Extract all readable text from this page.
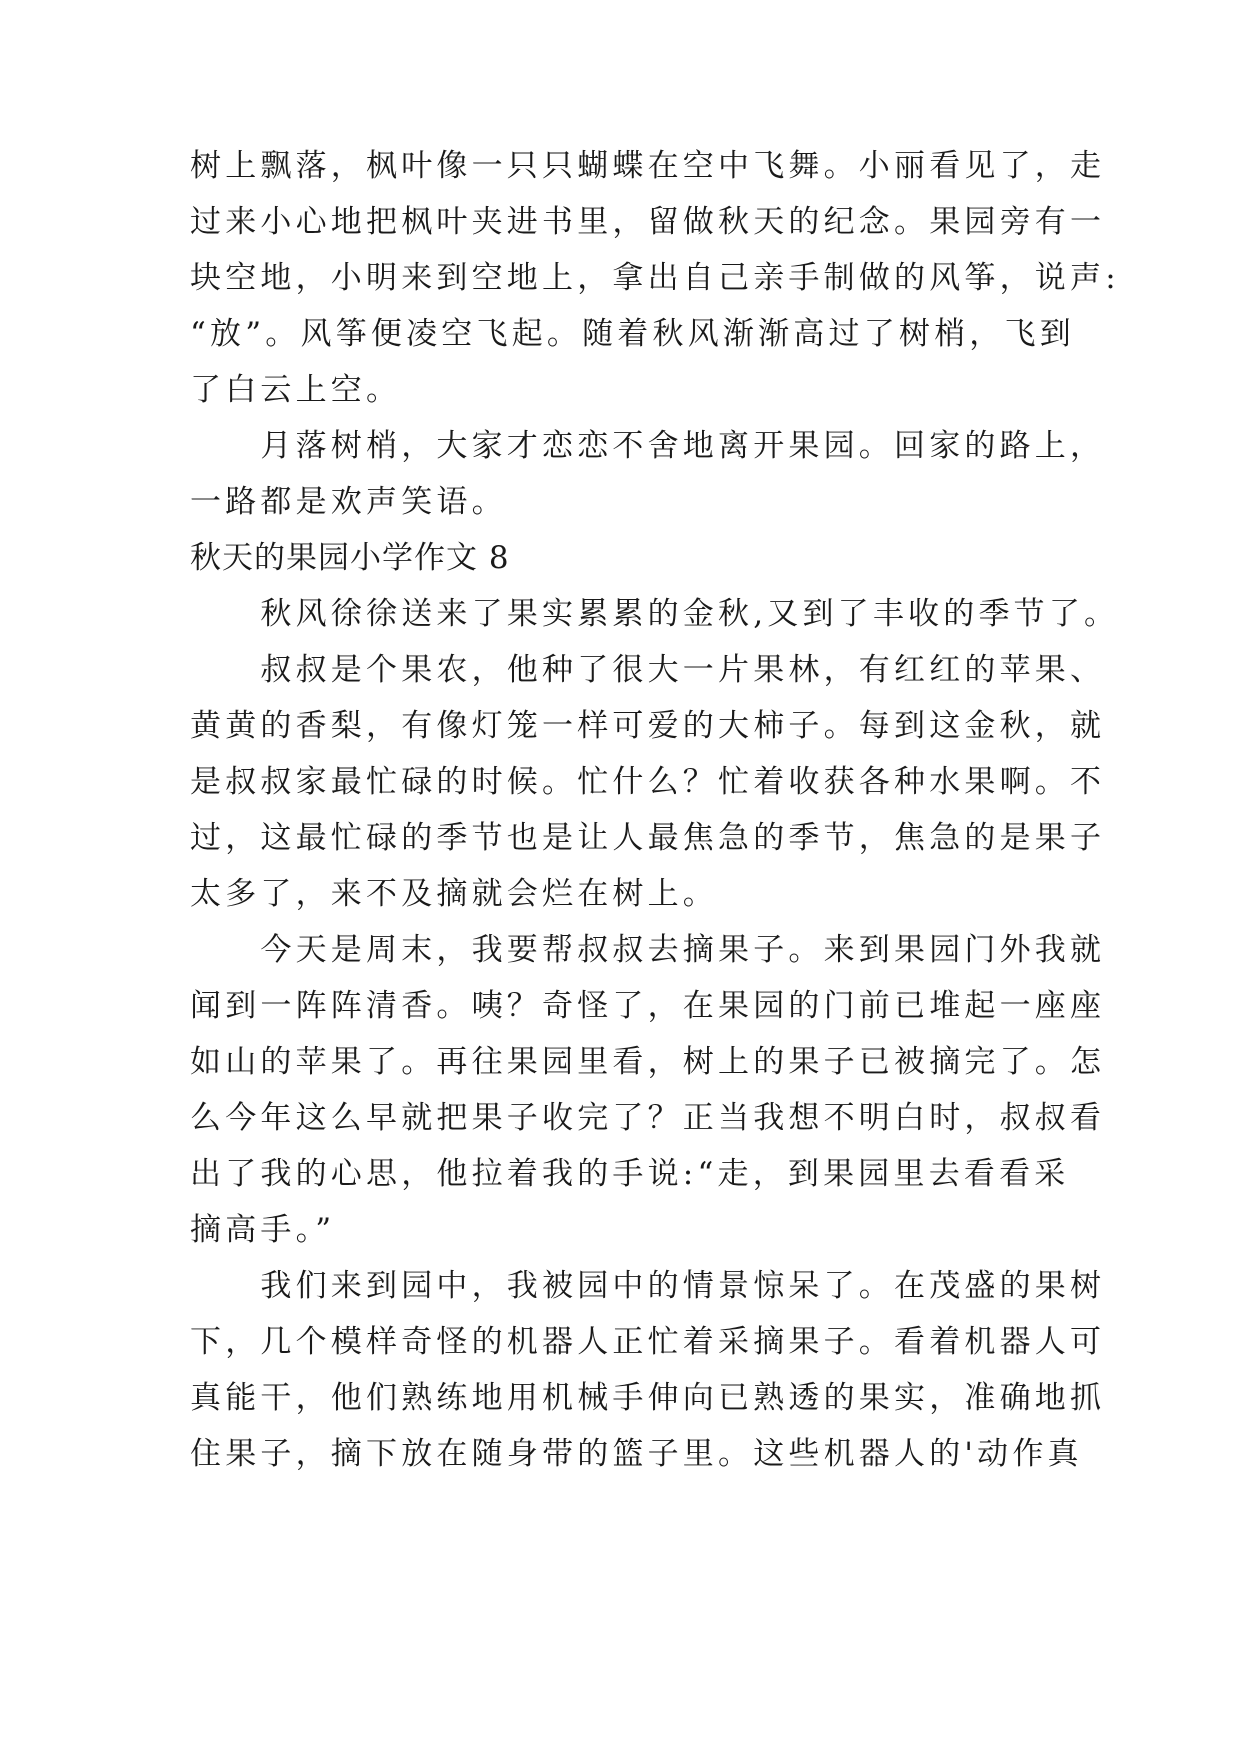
树上飘落，枫叶像一只只蝴蝶在空中飞舞。小丽看见了，走
过来小心地把枫叶夹进书里，留做秋天的纪念。果园旁有一
块空地，小明来到空地上，拿出自己亲手制做的风筝，说声:
“放”。风筝便凌空飞起。随着秋风渐渐高过了树梢，飞到
了白云上空。
　　月落树梢，大家才恋恋不舍地离开果园。回家的路上，
一路都是欢声笑语。
秋天的果园小学作文 8
　　秋风徐徐送来了果实累累的金秋,又到了丰收的季节了。
　　叔叔是个果农，他种了很大一片果林，有红红的苹果、
黄黄的香梨，有像灯笼一样可爱的大柿子。每到这金秋，就
是叔叔家最忙碌的时候。忙什么？忙着收获各种水果啊。不
过，这最忙碌的季节也是让人最焦急的季节，焦急的是果子
太多了，来不及摘就会烂在树上。
　　今天是周末，我要帮叔叔去摘果子。来到果园门外我就
闻到一阵阵清香。咦？奇怪了，在果园的门前已堆起一座座
如山的苹果了。再往果园里看，树上的果子已被摘完了。怎
么今年这么早就把果子收完了？正当我想不明白时，叔叔看
出了我的心思，他拉着我的手说:“走，到果园里去看看采
摘高手。”
　　我们来到园中，我被园中的情景惊呆了。在茂盛的果树
下，几个模样奇怪的机器人正忙着采摘果子。看着机器人可
真能干，他们熟练地用机械手伸向已熟透的果实，准确地抓
住果子，摘下放在随身带的篮子里。这些机器人的'动作真
